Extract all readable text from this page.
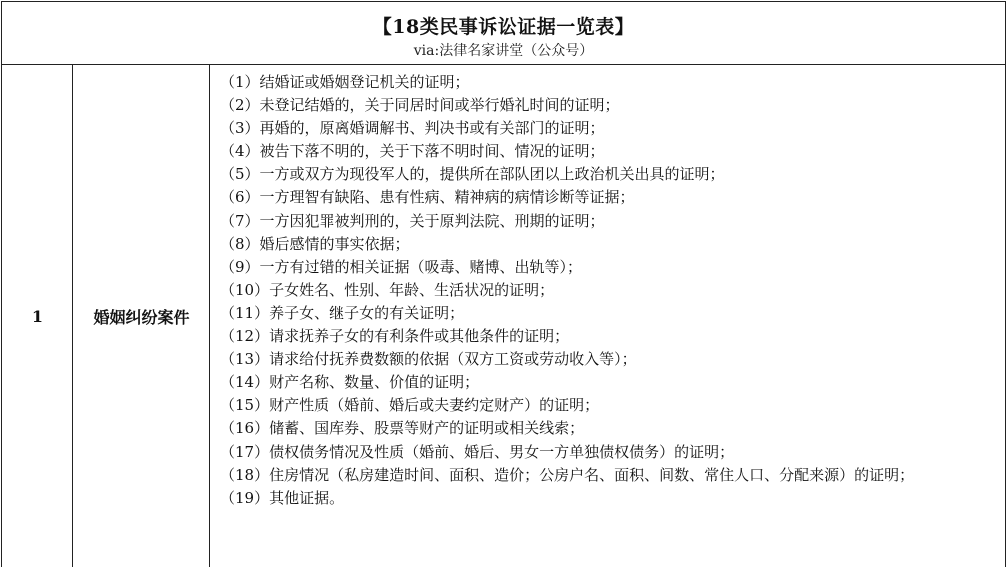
【18类民事诉讼证据一览表】
via:法律名家讲堂（公众号）
1	婚姻纠纷案件
（1）结婚证或婚姻登记机关的证明；
（2）未登记结婚的，关于同居时间或举行婚礼时间的证明；
（3）再婚的，原离婚调解书、判决书或有关部门的证明；
（4）被告下落不明的，关于下落不明时间、情况的证明；
（5）一方或双方为现役军人的，提供所在部队团以上政治机关出具的证明；
（6）一方理智有缺陷、患有性病、精神病的病情诊断等证据；
（7）一方因犯罪被判刑的，关于原判法院、刑期的证明；
（8）婚后感情的事实依据；
（9）一方有过错的相关证据（吸毒、赌博、出轨等）；
（10）子女姓名、性别、年龄、生活状况的证明；
（11）养子女、继子女的有关证明；
（12）请求抚养子女的有利条件或其他条件的证明；
（13）请求给付抚养费数额的依据（双方工资或劳动收入等）；
（14）财产名称、数量、价值的证明；
（15）财产性质（婚前、婚后或夫妻约定财产）的证明；
（16）储蓄、国库券、股票等财产的证明或相关线索；
（17）债权债务情况及性质（婚前、婚后、男女一方单独债权债务）的证明；
（18）住房情况（私房建造时间、面积、造价；公房户名、面积、间数、常住人口、分配来源）的证明；
（19）其他证据。
